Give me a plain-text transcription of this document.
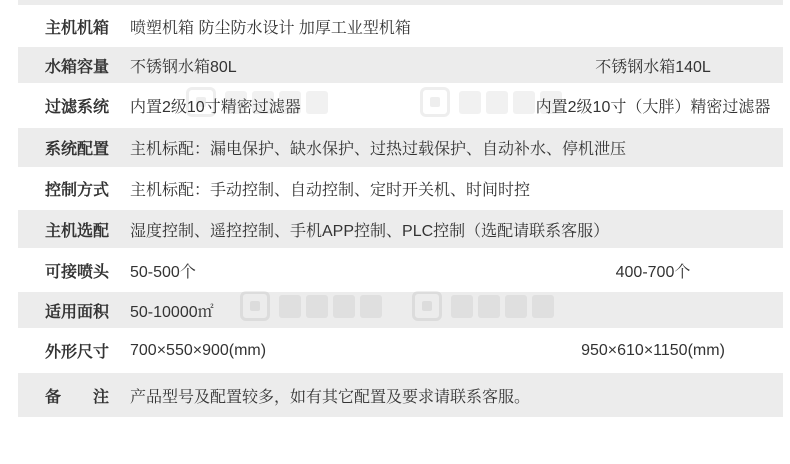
主机机箱 喷塑机箱 防尘防水设计 加厚工业型机箱
水箱容量 不锈钢水箱80L	不锈钢水箱140L
过滤系统 内置2级10寸精密过滤器	内置2级10寸（大胖）精密过滤器
系统配置 主机标配：漏电保护、缺水保护、过热过载保护、自动补水、停机泄压
控制方式 主机标配：手动控制、自动控制、定时开关机、时间时控
主机选配 湿度控制、遥控控制、手机APP控制、PLC控制（选配请联系客服）
可接喷头 50-500个	400-700个
适用面积 50-10000㎡
外形尺寸 700×550×900(mm)	950×610×1150(mm)
备　　注 产品型号及配置较多，如有其它配置及要求请联系客服。
